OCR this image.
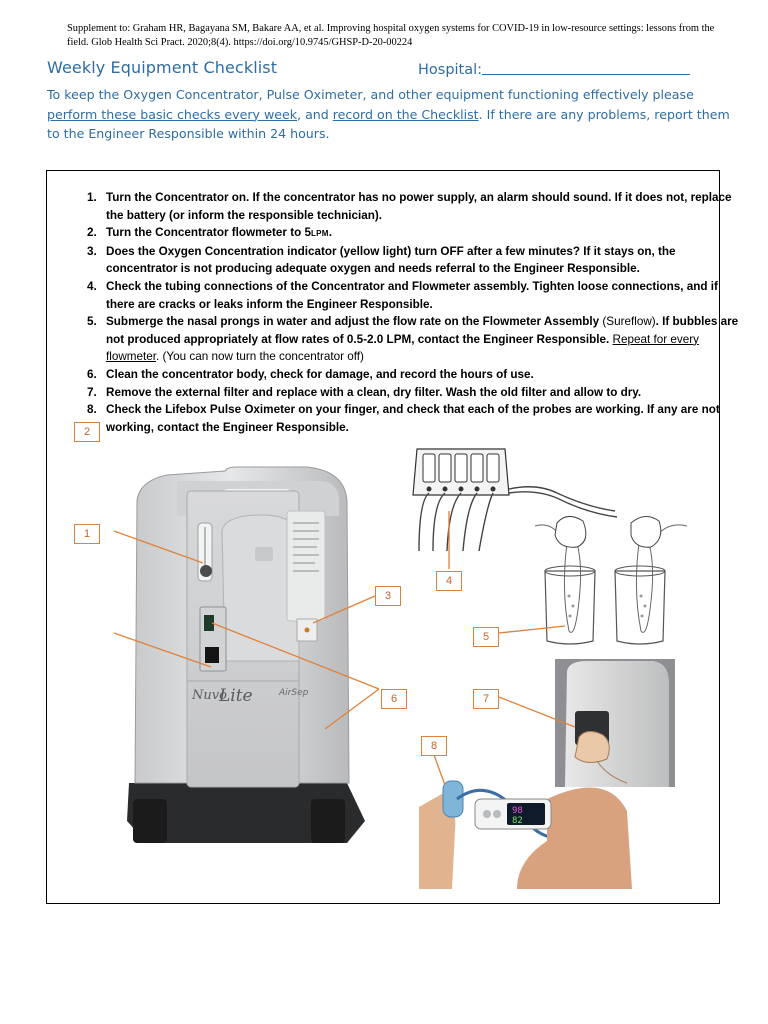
Supplement to: Graham HR, Bagayana SM, Bakare AA, et al. Improving hospital oxygen systems for COVID-19 in low-resource settings: lessons from the field. Glob Health Sci Pract. 2020;8(4). https://doi.org/10.9745/GHSP-D-20-00224
Weekly Equipment Checklist	Hospital:
To keep the Oxygen Concentrator, Pulse Oximeter, and other equipment functioning effectively please perform these basic checks every week, and record on the Checklist. If there are any problems, report them to the Engineer Responsible within 24 hours.
1. Turn the Concentrator on. If the concentrator has no power supply, an alarm should sound. If it does not, replace the battery (or inform the responsible technician).
2. Turn the Concentrator flowmeter to 5LPM.
3. Does the Oxygen Concentration indicator (yellow light) turn OFF after a few minutes? If it stays on, the concentrator is not producing adequate oxygen and needs referral to the Engineer Responsible.
4. Check the tubing connections of the Concentrator and Flowmeter assembly. Tighten loose connections, and if there are cracks or leaks inform the Engineer Responsible.
5. Submerge the nasal prongs in water and adjust the flow rate on the Flowmeter Assembly (Sureflow). If bubbles are not produced appropriately at flow rates of 0.5-2.0 LPM, contact the Engineer Responsible. Repeat for every flowmeter. (You can now turn the concentrator off)
6. Clean the concentrator body, check for damage, and record the hours of use.
7. Remove the external filter and replace with a clean, dry filter. Wash the old filter and allow to dry.
8. Check the Lifebox Pulse Oximeter on your finger, and check that each of the probes are working. If any are not working, contact the Engineer Responsible.
Nuvo
Lite	AirSep
98
82
1
2
3
4
5
6	7
8
